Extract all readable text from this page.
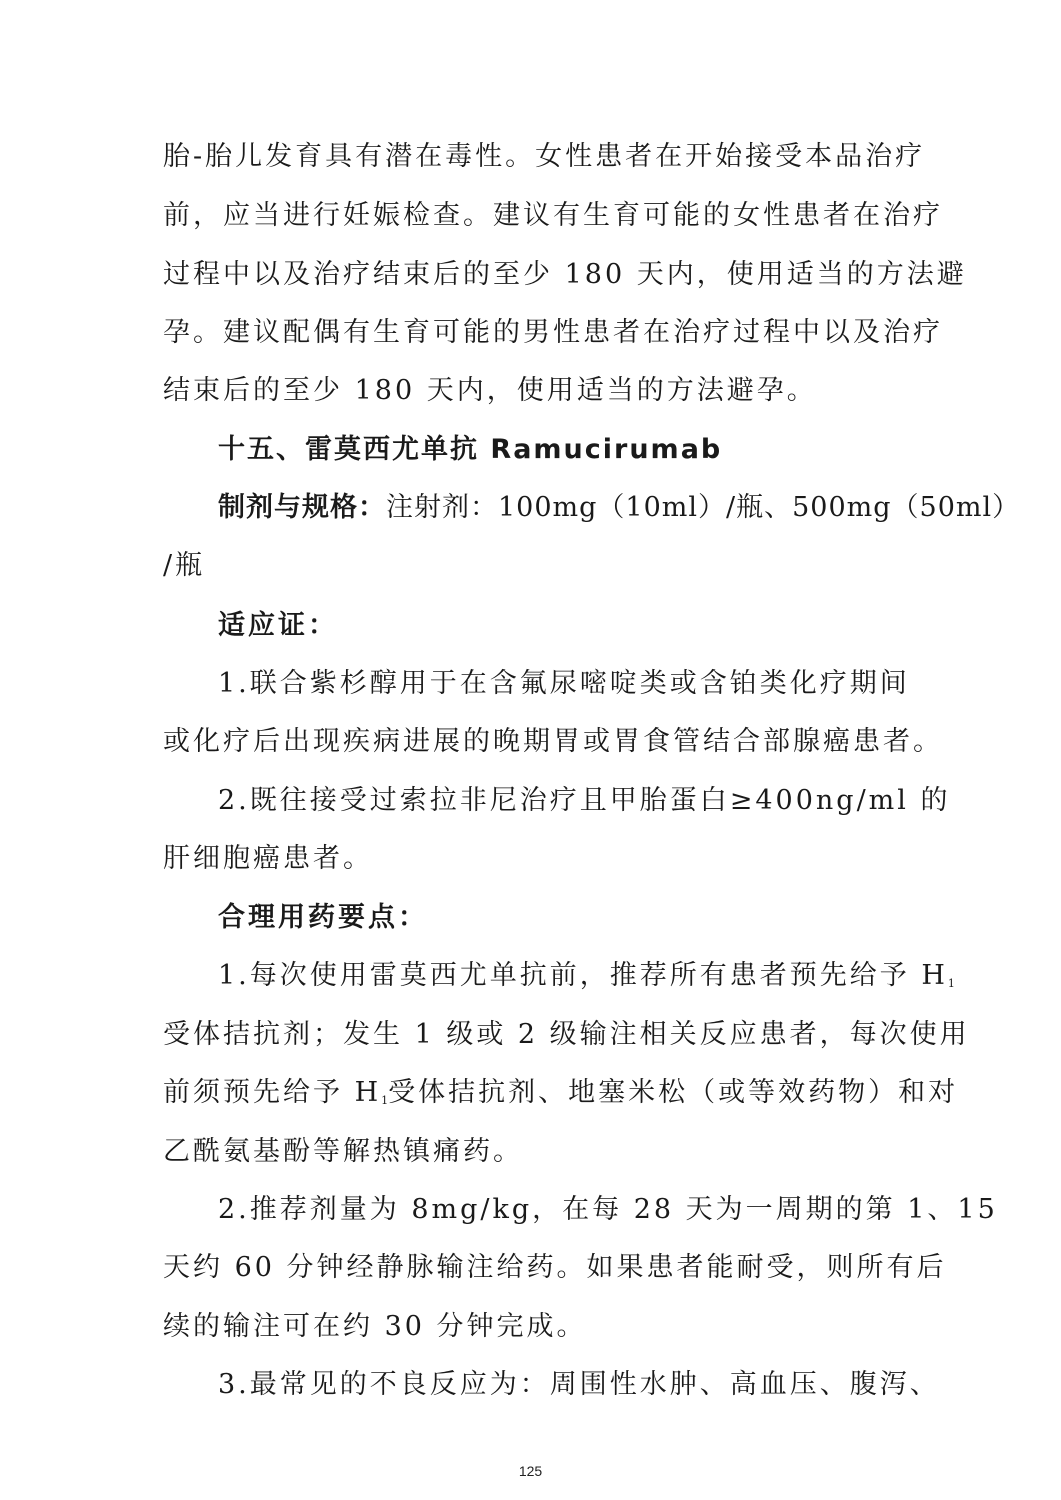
胎-胎儿发育具有潜在毒性。女性患者在开始接受本品治疗
前，应当进行妊娠检查。建议有生育可能的女性患者在治疗
过程中以及治疗结束后的至少 180 天内，使用适当的方法避
孕。建议配偶有生育可能的男性患者在治疗过程中以及治疗
结束后的至少 180 天内，使用适当的方法避孕。
十五、雷莫西尤单抗 Ramucirumab
制剂与规格：注射剂：100mg（10ml）/瓶、500mg（50ml）
/瓶
适应证：
1.联合紫杉醇用于在含氟尿嘧啶类或含铂类化疗期间
或化疗后出现疾病进展的晚期胃或胃食管结合部腺癌患者。
2.既往接受过索拉非尼治疗且甲胎蛋白≥400ng/ml 的
肝细胞癌患者。
合理用药要点：
1.每次使用雷莫西尤单抗前，推荐所有患者预先给予 $H_1$
受体拮抗剂；发生 1 级或 2 级输注相关反应患者，每次使用
前须预先给予 $H_1$受体拮抗剂、地塞米松（或等效药物）和对
乙酰氨基酚等解热镇痛药。
2.推荐剂量为 8mg/kg，在每 28 天为一周期的第 1、15
天约 60 分钟经静脉输注给药。如果患者能耐受，则所有后
续的输注可在约 30 分钟完成。
3.最常见的不良反应为：周围性水肿、高血压、腹泻、
125
